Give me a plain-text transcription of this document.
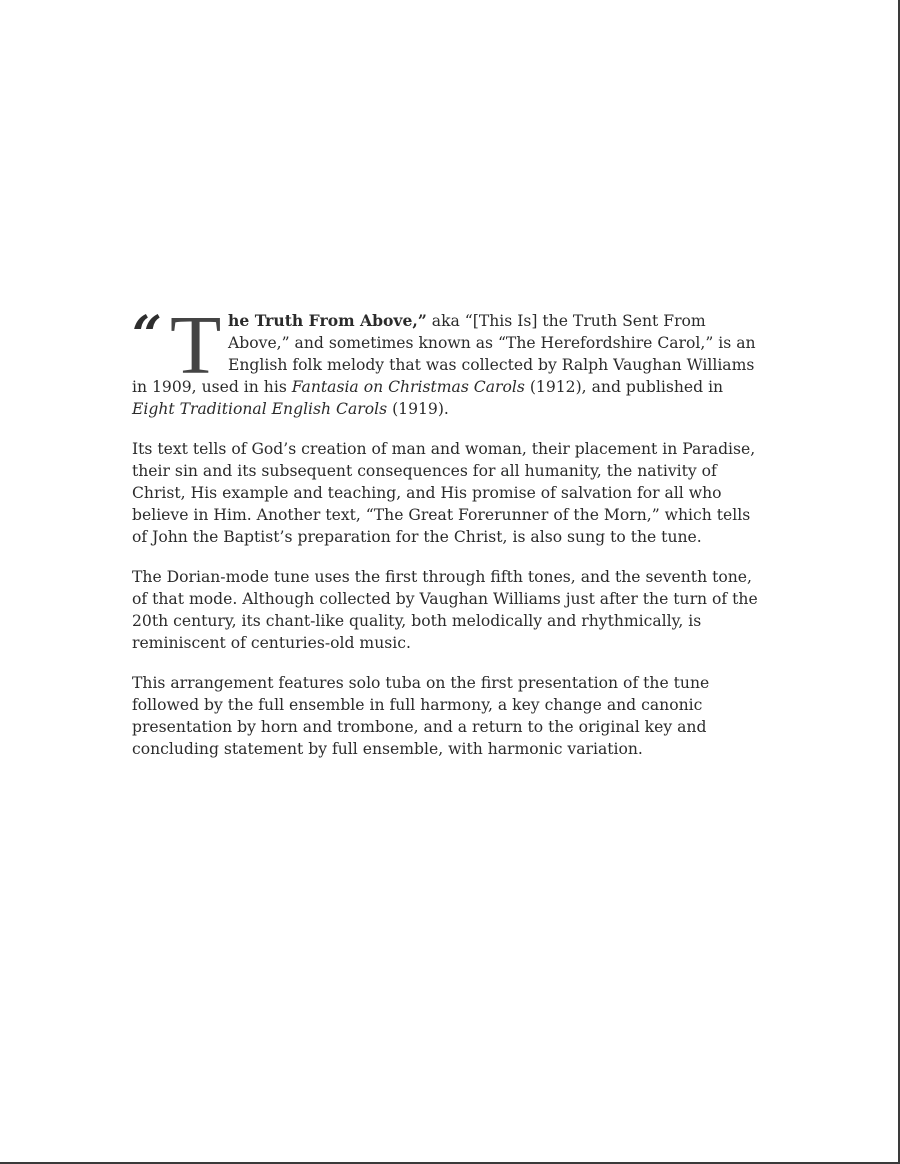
“ T he Truth From Above,” aka “[This Is] the Truth Sent From Above,” and sometimes known as “The Herefordshire Carol,” is an English folk melody that was collected by Ralph Vaughan Williams in 1909, used in his Fantasia on Christmas Carols (1912), and published in Eight Traditional English Carols (1919).

Its text tells of God’s creation of man and woman, their placement in Paradise, their sin and its subsequent consequences for all humanity, the nativity of Christ, His example and teaching, and His promise of salvation for all who believe in Him. Another text, “The Great Forerunner of the Morn,” which tells of John the Baptist’s preparation for the Christ, is also sung to the tune.

The Dorian-mode tune uses the first through fifth tones, and the seventh tone, of that mode. Although collected by Vaughan Williams just after the turn of the 20th century, its chant-like quality, both melodically and rhythmically, is reminiscent of centuries-old music.

This arrangement features solo tuba on the first presentation of the tune followed by the full ensemble in full harmony, a key change and canonic presentation by horn and trombone, and a return to the original key and concluding statement by full ensemble, with harmonic variation.
